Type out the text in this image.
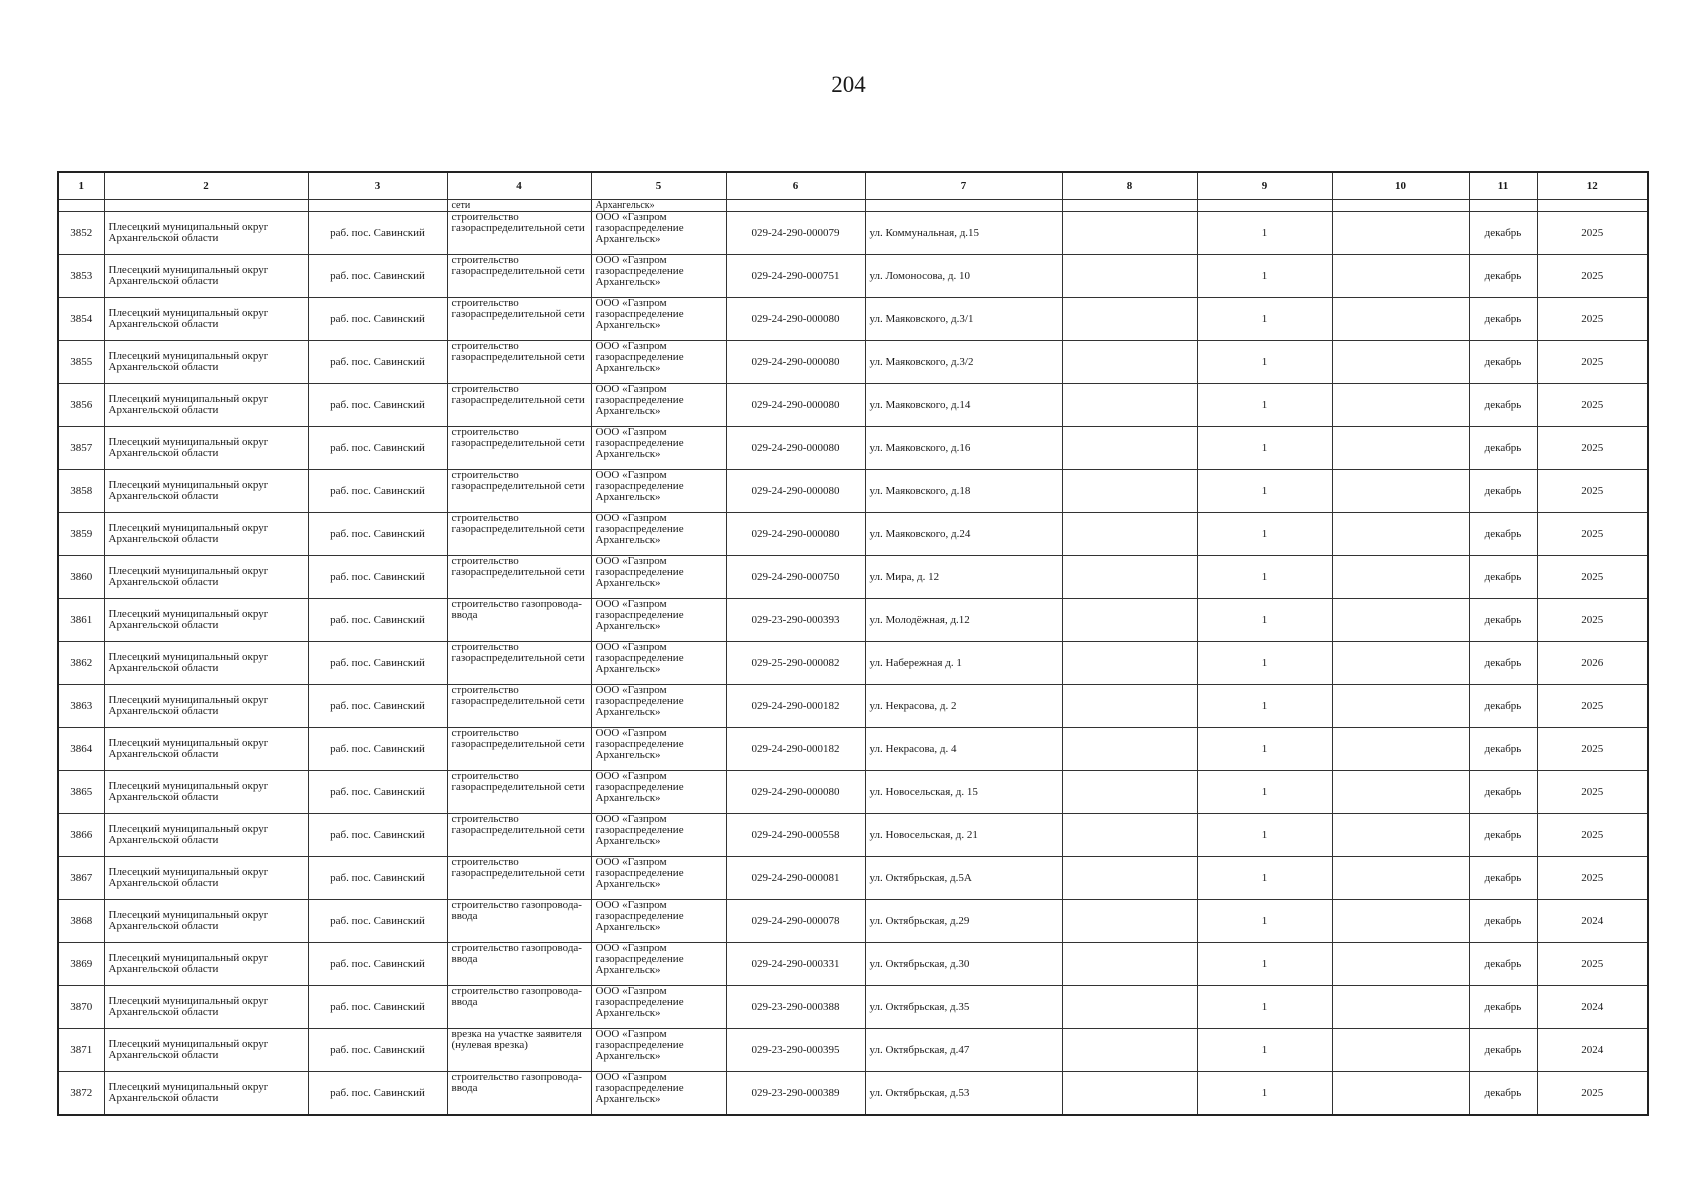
204
1	2	3	4	5	6	7	8	9	10	11	12
			сети	Архангельск»							
3852	Плесецкий муниципальный округ Архангельской области	раб. пос. Савинский	строительство газораспределительной сети	ООО «Газпром газораспределение Архангельск»	029-24-290-000079	ул. Коммунальная, д.15		1		декабрь	2025
3853	Плесецкий муниципальный округ Архангельской области	раб. пос. Савинский	строительство газораспределительной сети	ООО «Газпром газораспределение Архангельск»	029-24-290-000751	ул. Ломоносова, д. 10		1		декабрь	2025
3854	Плесецкий муниципальный округ Архангельской области	раб. пос. Савинский	строительство газораспределительной сети	ООО «Газпром газораспределение Архангельск»	029-24-290-000080	ул. Маяковского, д.3/1		1		декабрь	2025
3855	Плесецкий муниципальный округ Архангельской области	раб. пос. Савинский	строительство газораспределительной сети	ООО «Газпром газораспределение Архангельск»	029-24-290-000080	ул. Маяковского, д.3/2		1		декабрь	2025
3856	Плесецкий муниципальный округ Архангельской области	раб. пос. Савинский	строительство газораспределительной сети	ООО «Газпром газораспределение Архангельск»	029-24-290-000080	ул. Маяковского, д.14		1		декабрь	2025
3857	Плесецкий муниципальный округ Архангельской области	раб. пос. Савинский	строительство газораспределительной сети	ООО «Газпром газораспределение Архангельск»	029-24-290-000080	ул. Маяковского, д.16		1		декабрь	2025
3858	Плесецкий муниципальный округ Архангельской области	раб. пос. Савинский	строительство газораспределительной сети	ООО «Газпром газораспределение Архангельск»	029-24-290-000080	ул. Маяковского, д.18		1		декабрь	2025
3859	Плесецкий муниципальный округ Архангельской области	раб. пос. Савинский	строительство газораспределительной сети	ООО «Газпром газораспределение Архангельск»	029-24-290-000080	ул. Маяковского, д.24		1		декабрь	2025
3860	Плесецкий муниципальный округ Архангельской области	раб. пос. Савинский	строительство газораспределительной сети	ООО «Газпром газораспределение Архангельск»	029-24-290-000750	ул. Мира, д. 12		1		декабрь	2025
3861	Плесецкий муниципальный округ Архангельской области	раб. пос. Савинский	строительство газопровода-ввода	ООО «Газпром газораспределение Архангельск»	029-23-290-000393	ул. Молодёжная, д.12		1		декабрь	2025
3862	Плесецкий муниципальный округ Архангельской области	раб. пос. Савинский	строительство газораспределительной сети	ООО «Газпром газораспределение Архангельск»	029-25-290-000082	ул. Набережная д. 1		1		декабрь	2026
3863	Плесецкий муниципальный округ Архангельской области	раб. пос. Савинский	строительство газораспределительной сети	ООО «Газпром газораспределение Архангельск»	029-24-290-000182	ул. Некрасова, д. 2		1		декабрь	2025
3864	Плесецкий муниципальный округ Архангельской области	раб. пос. Савинский	строительство газораспределительной сети	ООО «Газпром газораспределение Архангельск»	029-24-290-000182	ул. Некрасова, д. 4		1		декабрь	2025
3865	Плесецкий муниципальный округ Архангельской области	раб. пос. Савинский	строительство газораспределительной сети	ООО «Газпром газораспределение Архангельск»	029-24-290-000080	ул. Новосельская, д. 15		1		декабрь	2025
3866	Плесецкий муниципальный округ Архангельской области	раб. пос. Савинский	строительство газораспределительной сети	ООО «Газпром газораспределение Архангельск»	029-24-290-000558	ул. Новосельская, д. 21		1		декабрь	2025
3867	Плесецкий муниципальный округ Архангельской области	раб. пос. Савинский	строительство газораспределительной сети	ООО «Газпром газораспределение Архангельск»	029-24-290-000081	ул. Октябрьская, д.5А		1		декабрь	2025
3868	Плесецкий муниципальный округ Архангельской области	раб. пос. Савинский	строительство газопровода-ввода	ООО «Газпром газораспределение Архангельск»	029-24-290-000078	ул. Октябрьская, д.29		1		декабрь	2024
3869	Плесецкий муниципальный округ Архангельской области	раб. пос. Савинский	строительство газопровода-ввода	ООО «Газпром газораспределение Архангельск»	029-24-290-000331	ул. Октябрьская, д.30		1		декабрь	2025
3870	Плесецкий муниципальный округ Архангельской области	раб. пос. Савинский	строительство газопровода-ввода	ООО «Газпром газораспределение Архангельск»	029-23-290-000388	ул. Октябрьская, д.35		1		декабрь	2024
3871	Плесецкий муниципальный округ Архангельской области	раб. пос. Савинский	врезка на участке заявителя (нулевая врезка)	ООО «Газпром газораспределение Архангельск»	029-23-290-000395	ул. Октябрьская, д.47		1		декабрь	2024
3872	Плесецкий муниципальный округ Архангельской области	раб. пос. Савинский	строительство газопровода-ввода	ООО «Газпром газораспределение Архангельск»	029-23-290-000389	ул. Октябрьская, д.53		1		декабрь	2025
